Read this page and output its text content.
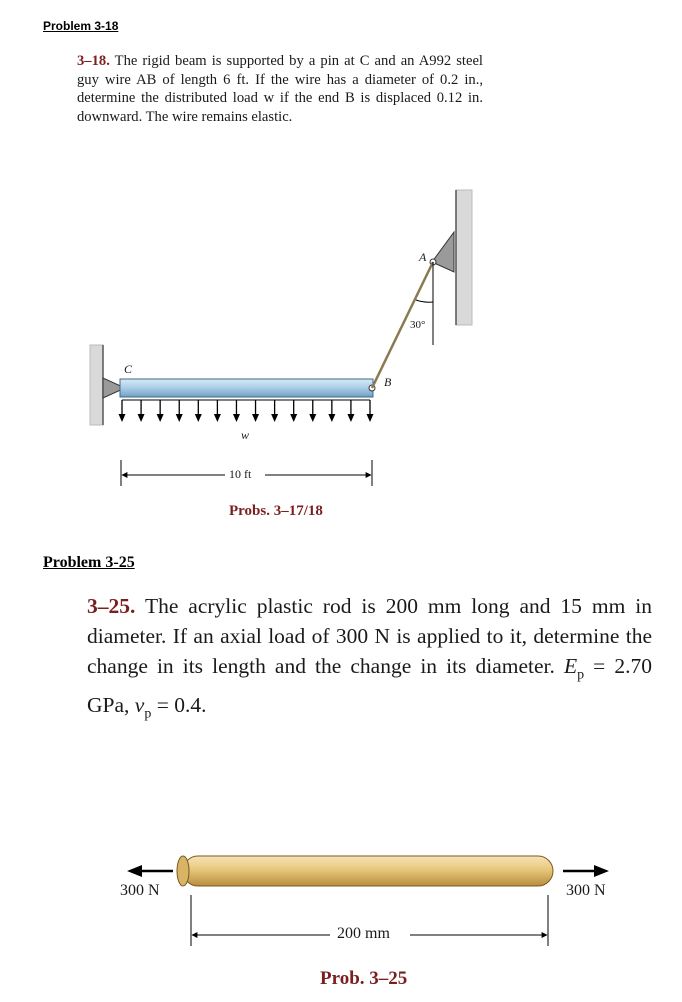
Problem 3-18
3–18. The rigid beam is supported by a pin at C and an A992 steel guy wire AB of length 6 ft. If the wire has a diameter of 0.2 in., determine the distributed load w if the end B is displaced 0.12 in. downward. The wire remains elastic.
A
B
C
w
30°
10 ft
Probs. 3–17/18
Problem 3-25
3–25. The acrylic plastic rod is 200 mm long and 15 mm in diameter. If an axial load of 300 N is applied to it, determine the change in its length and the change in its diameter. $E_p = 2.70$ GPa, $\nu_p = 0.4$.
300 N	300 N
200 mm
Prob. 3–25
